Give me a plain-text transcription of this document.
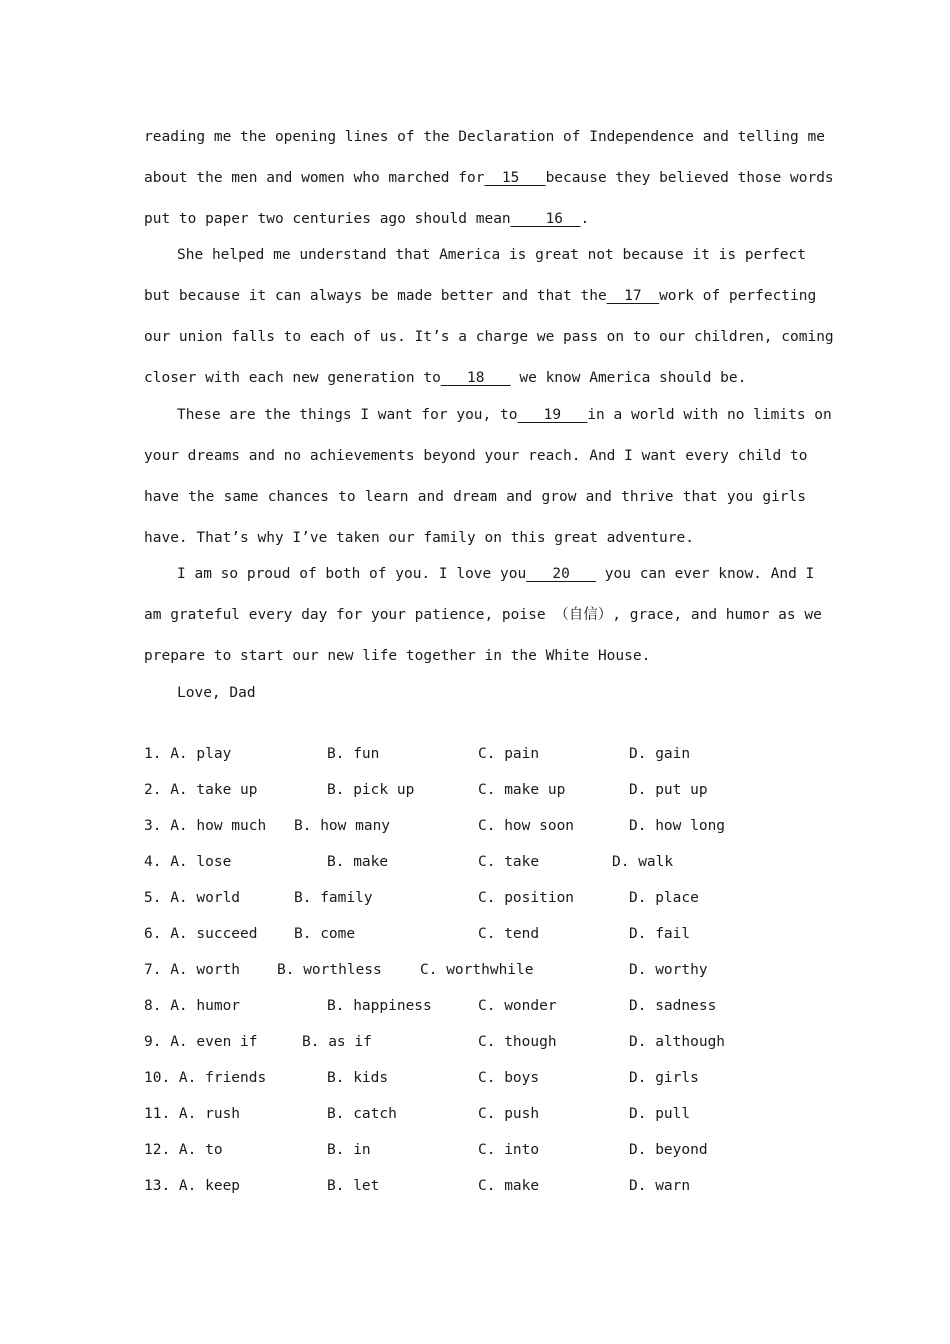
reading me the opening lines of the Declaration of Independence and telling me
about the men and women who marched for__15___because they believed those words
put to paper two centuries ago should mean____16__.
She helped me understand that America is great not because it is perfect
but because it can always be made better and that the__17__work of perfecting
our union falls to each of us. It’s a charge we pass on to our children, coming
closer with each new generation to___18___ we know America should be.
These are the things I want for you, to___19___in a world with no limits on
your dreams and no achievements beyond your reach. And I want every child to
have the same chances to learn and dream and grow and thrive that you girls
have. That’s why I’ve taken our family on this great adventure.
I am so proud of both of you. I love you___20___ you can ever know. And I
am grateful every day for your patience, poise （自信）, grace, and humor as we
prepare to start our new life together in the White House.
Love, Dad
1. A. play	B. fun	C. pain	D. gain
2. A. take up	B. pick up	C. make up	D. put up
3. A. how much B. how many	C. how soon	D. how long
4. A. lose	B. make	C. take	D. walk
5. A. world	B. family	C. position	D. place
6. A. succeed	B. come	C. tend	D. fail
7. A. worth	B. worthless	C. worthwhile	D. worthy
8. A. humor	B. happiness	C. wonder	D. sadness
9. A. even if	B. as if	C. though	D. although
10. A. friends	B. kids	C. boys	D. girls
11. A. rush	B. catch	C. push	D. pull
12. A. to	B. in	C. into	D. beyond
13. A. keep	B. let	C. make	D. warn
